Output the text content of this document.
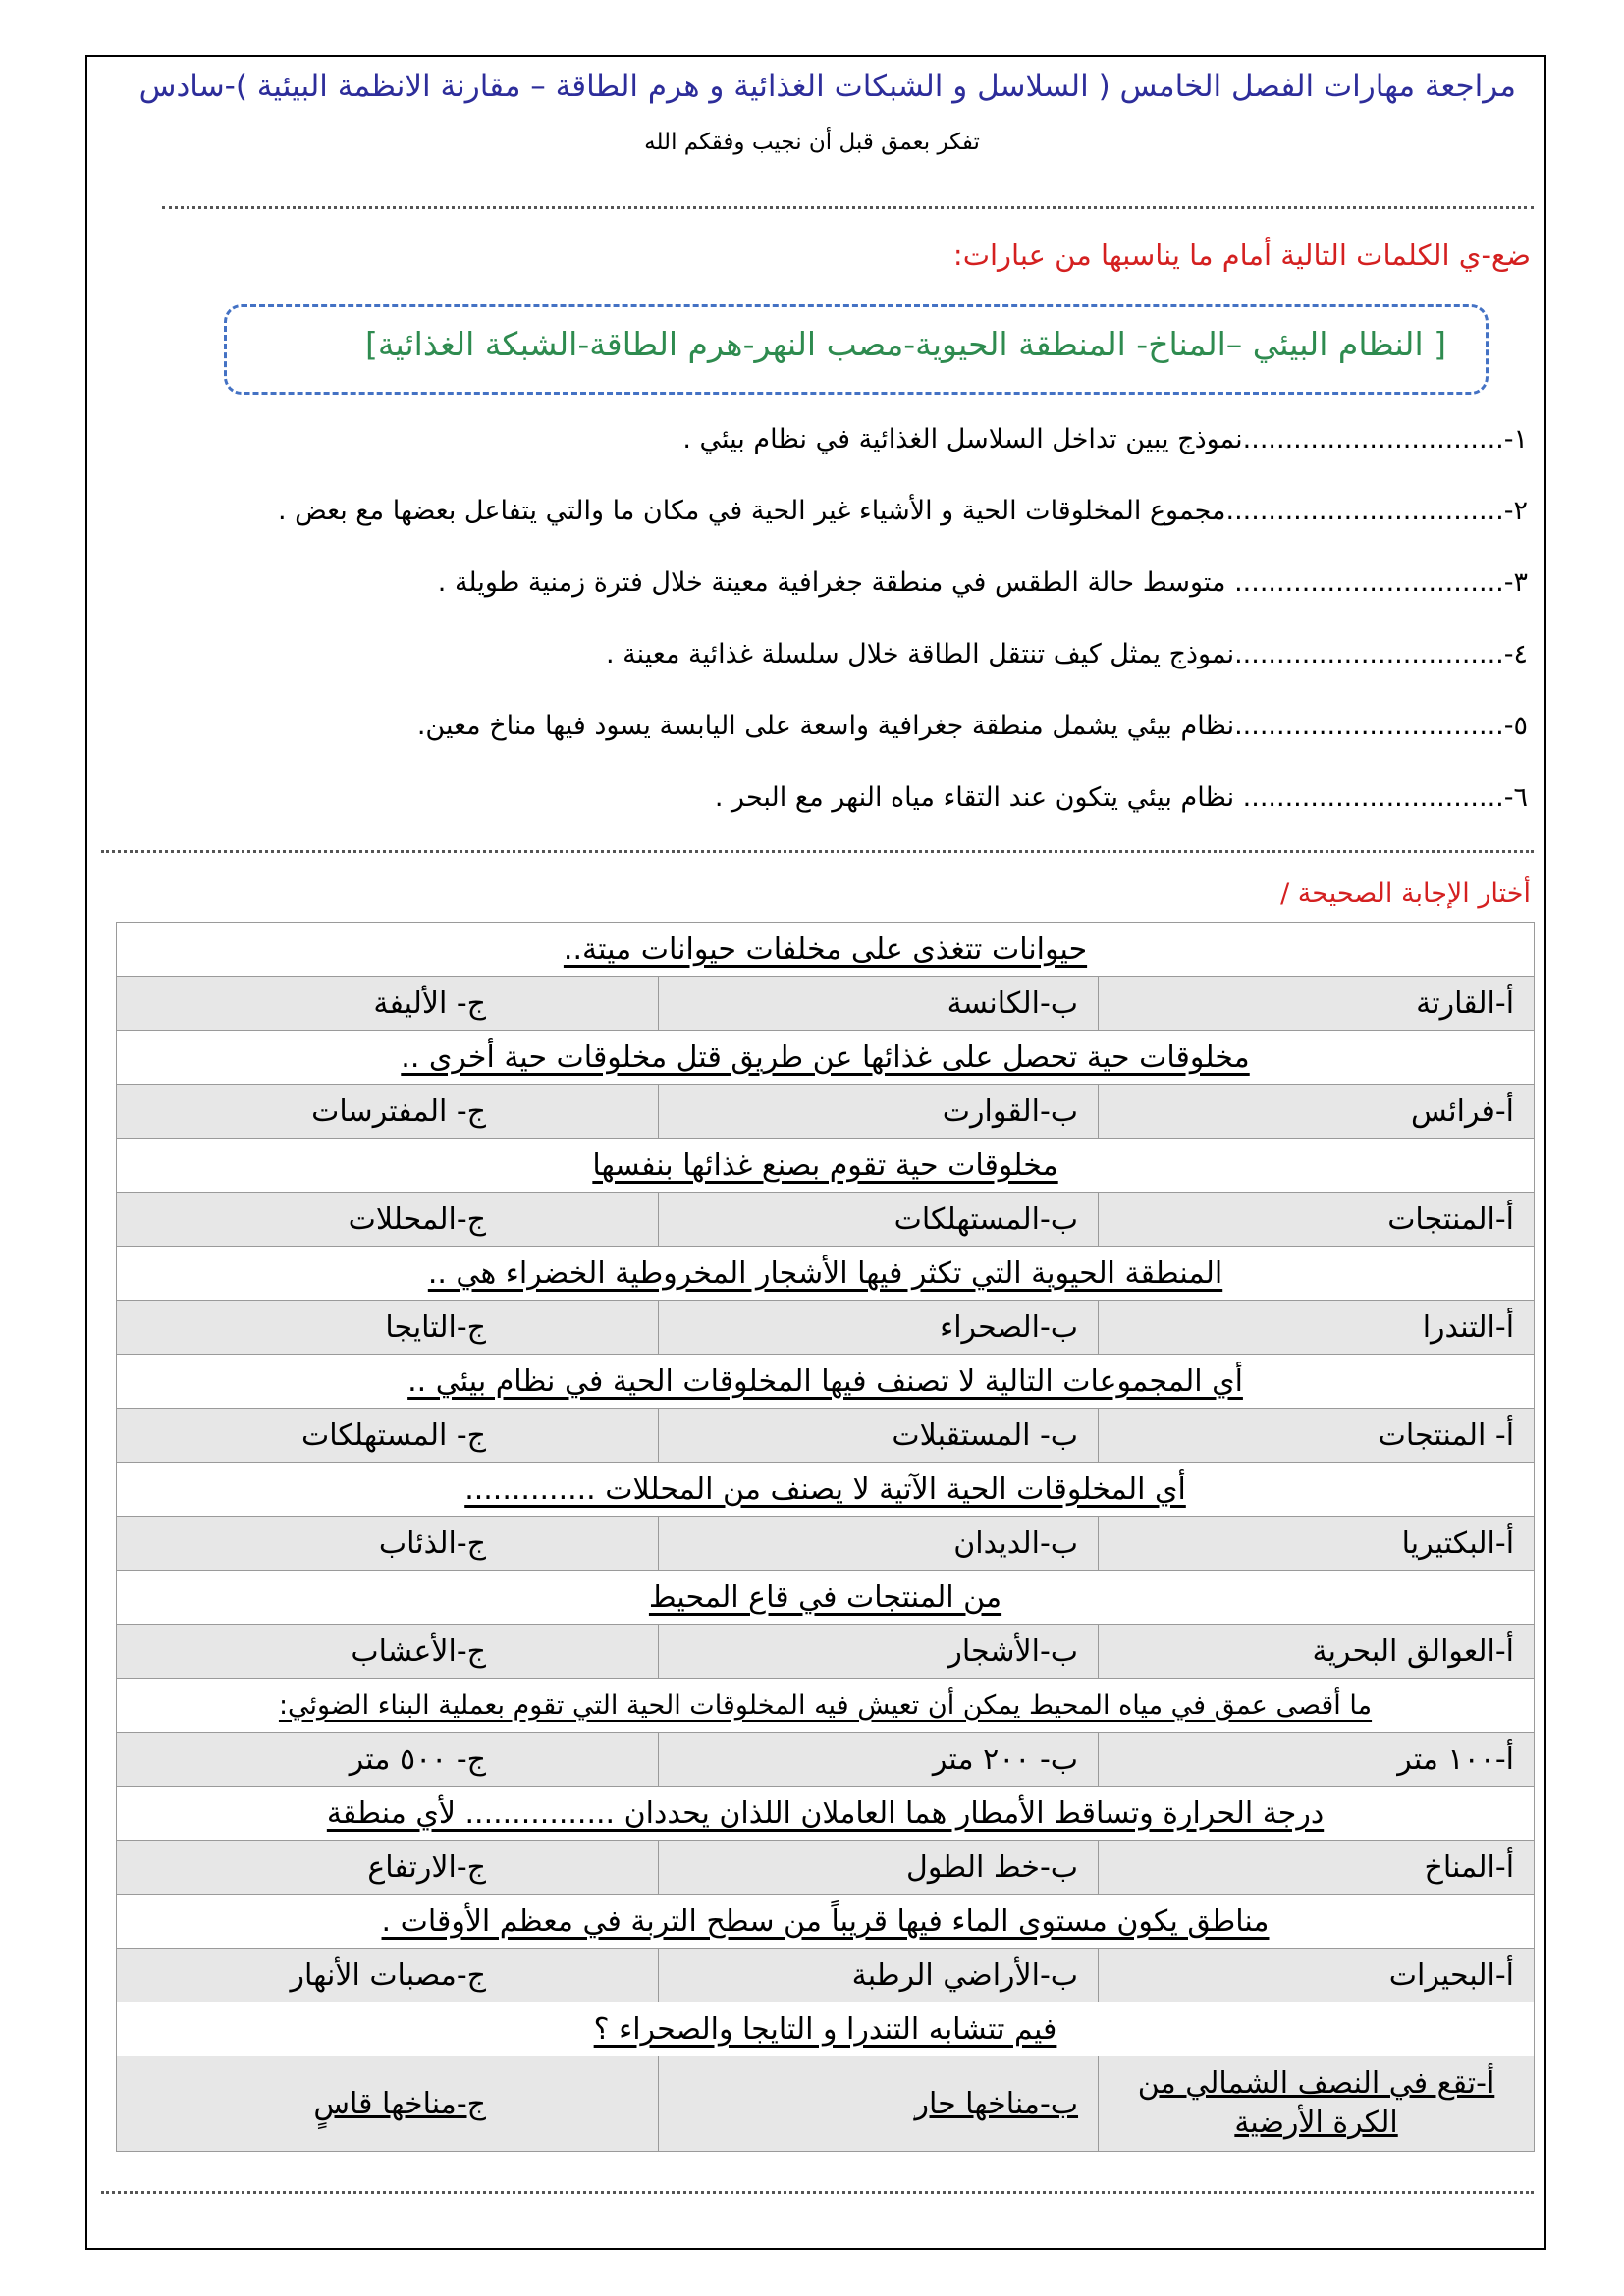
مراجعة مهارات الفصل الخامس ( السلاسل و الشبكات الغذائية و هرم الطاقة – مقارنة الانظمة البيئية )-سادس
تفكر بعمق قبل أن نجيب وفقكم الله
ضع-ي الكلمات التالية أمام ما يناسبها من عبارات:
[ النظام البيئي –المناخ- المنطقة الحيوية-مصب النهر-هرم الطاقة-الشبكة الغذائية]
١-...............................نموذج يبين تداخل السلاسل الغذائية في نظام بيئي .
٢-.................................مجموع المخلوقات الحية و الأشياء غير الحية في مكان ما والتي يتفاعل بعضها مع بعض .
٣-................................ متوسط حالة الطقس في منطقة جغرافية معينة خلال فترة زمنية طويلة .
٤-................................نموذج يمثل كيف تنتقل الطاقة خلال سلسلة غذائية معينة .
٥-................................نظام بيئي يشمل منطقة جغرافية واسعة على اليابسة يسود فيها مناخ معين.
٦-............................... نظام بيئي يتكون عند التقاء مياه النهر مع البحر .
أختار الإجابة الصحيحة /
حيوانات تتغذى على مخلفات حيوانات ميتة..		
أ-القارتة	ب-الكانسة	ج- الأليفة
مخلوقات حية تحصل على غذائها عن طريق قتل مخلوقات حية أخرى ..		
أ-فرائس	ب-القوارت	ج- المفترسات
مخلوقات حية تقوم بصنع غذائها بنفسها		
أ-المنتجات	ب-المستهلكات	ج-المحللات
المنطقة الحيوية التي تكثر فيها الأشجار المخروطية الخضراء هي ..		
أ-التندرا	ب-الصحراء	ج-التايجا
أي المجموعات التالية لا تصنف فيها المخلوقات الحية في نظام بيئي ..		
أ- المنتجات	ب- المستقبلات	ج- المستهلكات
أي المخلوقات الحية الآتية لا يصنف من المحللات ..............		
أ-البكتيريا	ب-الديدان	ج-الذئاب
من المنتجات في قاع المحيط		
أ-العوالق البحرية	ب-الأشجار	ج-الأعشاب
ما أقصى عمق في مياه المحيط يمكن أن تعيش فيه المخلوقات الحية التي تقوم بعملية البناء الضوئي:		
أ-١٠٠ متر	ب- ٢٠٠ متر	ج- ٥٠٠ متر
درجة الحرارة وتساقط الأمطار هما العاملان اللذان يحددان ................ لأي منطقة		
أ-المناخ	ب-خط الطول	ج-الارتفاع
مناطق يكون مستوى الماء فيها قريباً من سطح التربة في معظم الأوقات .		
أ-البحيرات	ب-الأراضي الرطبة	ج-مصبات الأنهار
فيم تتشابه التندرا و التايجا والصحراء ؟		
أ-تقع في النصف الشمالي من الكرة الأرضية	ب-مناخها حار	ج-مناخها قاسٍ
